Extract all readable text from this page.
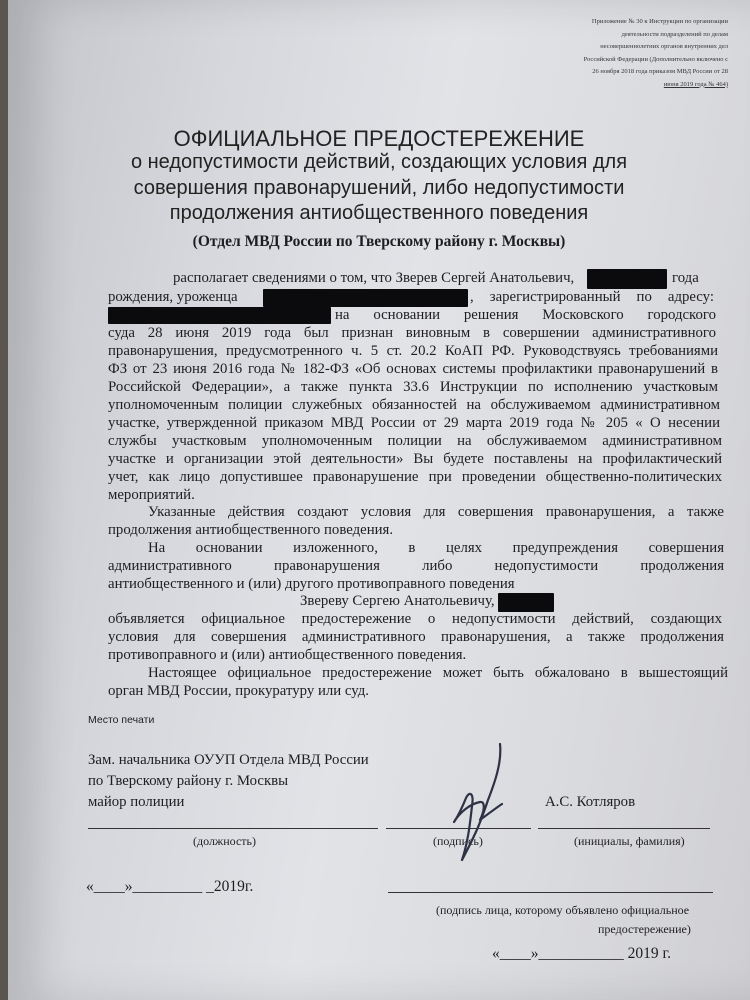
Приложение № 30 к Инструкции по организации
деятельности подразделений по делам
несовершеннолетних органов внутренних дел
Российской Федерации (Дополнительно включено с
26 ноября 2018 года приказом МВД России от 28
июня 2019 года № 464)
ОФИЦИАЛЬНОЕ ПРЕДОСТЕРЕЖЕНИЕ
о недопустимости действий, создающих условия для
совершения правонарушений, либо недопустимости
продолжения антиобщественного поведения
(Отдел МВД России по Тверскому району г. Москвы)
располагает сведениями о том, что Зверев Сергей Анатольевич,	года
рождения, уроженца	, зарегистрированный по адресу:
на основании решения Московского городского
суда 28 июня 2019 года был признан виновным в совершении административного
правонарушения, предусмотренного ч. 5 ст. 20.2 КоАП РФ. Руководствуясь требованиями
ФЗ от 23 июня 2016 года № 182-ФЗ «Об основах системы профилактики правонарушений в
Российской Федерации», а также пункта 33.6 Инструкции по исполнению участковым
уполномоченным полиции служебных обязанностей на обслуживаемом административном
участке, утвержденной приказом МВД России от 29 марта 2019 года № 205 « О несении
службы участковым уполномоченным полиции на обслуживаемом административном
участке и организации этой деятельности» Вы будете поставлены на профилактический
учет, как лицо допустившее правонарушение при проведении общественно-политических
мероприятий.
Указанные действия создают условия для совершения правонарушения, а также
продолжения антиобщественного поведения.
На основании изложенного, в целях предупреждения совершения
административного правонарушения либо недопустимости продолжения
антиобщественного и (или) другого противоправного поведения
Звереву Сергею Анатольевичу,
объявляется официальное предостережение о недопустимости действий, создающих
условия для совершения административного правонарушения, а также продолжения
противоправного и (или) антиобщественного поведения.
Настоящее официальное предостережение может быть обжаловано в вышестоящий
орган МВД России, прокуратуру или суд.
Место печати
Зам. начальника ОУУП Отдела МВД России
по Тверскому району г. Москвы
майор полиции	А.С. Котляров
(должность)	(подпись)	(инициалы, фамилия)
«____»_________ _2019г.
(подпись лица, которому объявлено официальное
предостережение)
«____»___________ 2019 г.
